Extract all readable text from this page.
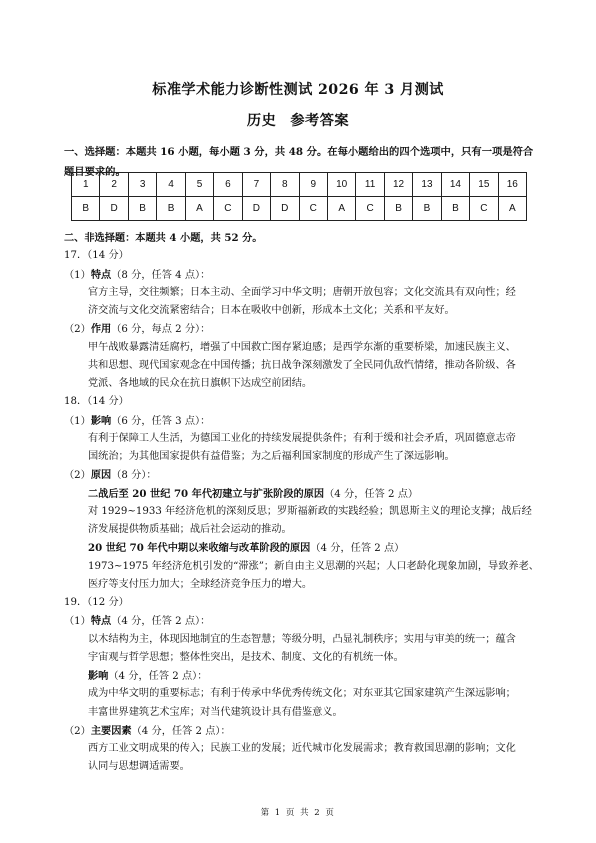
标准学术能力诊断性测试 2026 年 3 月测试
历史 参考答案
一、选择题：本题共 16 小题，每小题 3 分，共 48 分。在每小题给出的四个选项中，只有一项是符合题目要求的。
1	2	3	4	5	6	7	8	9	10	11	12	13	14	15	16
B	D	B	B	A	C	D	D	C	A	C	B	B	B	C	A
二、非选择题：本题共 4 小题，共 52 分。
17．（14 分）
（1）特点（8 分，任答 4 点）：
官方主导，交往频繁；日本主动、全面学习中华文明；唐朝开放包容；文化交流具有双向性；经
济交流与文化交流紧密结合；日本在吸收中创新，形成本土文化；关系和平友好。
（2）作用（6 分，每点 2 分）：
甲午战败暴露清廷腐朽，增强了中国救亡图存紧迫感；是西学东渐的重要桥梁，加速民族主义、
共和思想、现代国家观念在中国传播；抗日战争深刻激发了全民同仇敌忾情绪，推动各阶级、各
党派、各地域的民众在抗日旗帜下达成空前团结。
18．（14 分）
（1）影响（6 分，任答 3 点）：
有利于保障工人生活，为德国工业化的持续发展提供条件；有利于缓和社会矛盾，巩固德意志帝
国统治；为其他国家提供有益借鉴；为之后福利国家制度的形成产生了深远影响。
（2）原因（8 分）：
二战后至 20 世纪 70 年代初建立与扩张阶段的原因（4 分，任答 2 点）
对 1929~1933 年经济危机的深刻反思；罗斯福新政的实践经验；凯恩斯主义的理论支撑；战后经
济发展提供物质基础；战后社会运动的推动。
20 世纪 70 年代中期以来收缩与改革阶段的原因（4 分，任答 2 点）
1973~1975 年经济危机引发的“滞涨”；新自由主义思潮的兴起；人口老龄化现象加剧，导致养老、
医疗等支付压力加大；全球经济竞争压力的增大。
19．（12 分）
（1）特点（4 分，任答 2 点）：
以木结构为主，体现因地制宜的生态智慧；等级分明，凸显礼制秩序；实用与审美的统一；蕴含
宇宙观与哲学思想；整体性突出，是技术、制度、文化的有机统一体。
影响（4 分，任答 2 点）：
成为中华文明的重要标志；有利于传承中华优秀传统文化；对东亚其它国家建筑产生深远影响；
丰富世界建筑艺术宝库；对当代建筑设计具有借鉴意义。
（2）主要因素（4 分，任答 2 点）：
西方工业文明成果的传入；民族工业的发展；近代城市化发展需求；教育救国思潮的影响；文化
认同与思想调适需要。
第 1 页 共 2 页
